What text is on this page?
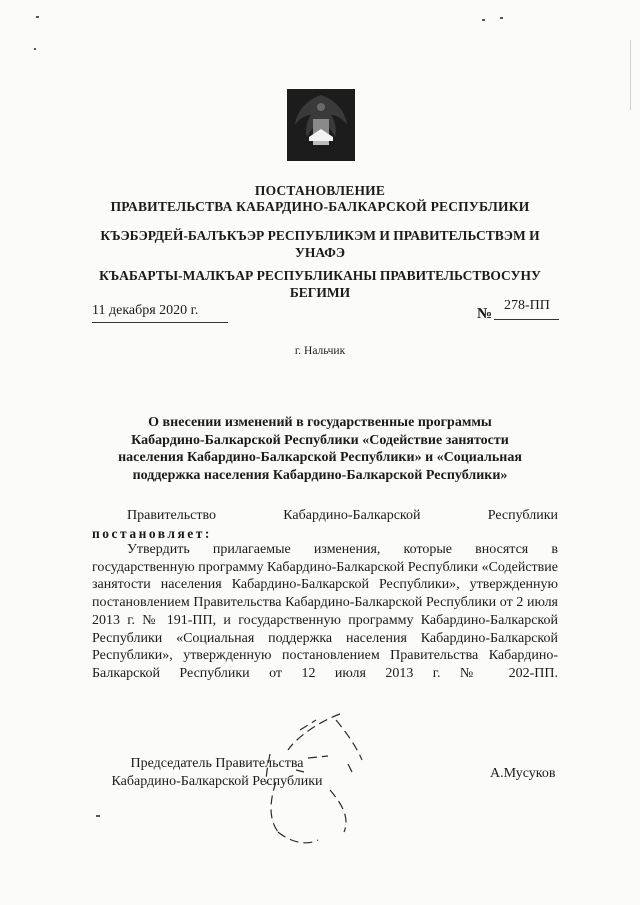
ПОСТАНОВЛЕНИЕ
ПРАВИТЕЛЬСТВА КАБАРДИНО-БАЛКАРСКОЙ РЕСПУБЛИКИ
КЪЭБЭРДЕЙ-БАЛЪКЪЭР РЕСПУБЛИКЭМ И ПРАВИТЕЛЬСТВЭМ И
УНАФЭ
КЪАБАРТЫ-МАЛКЪАР РЕСПУБЛИКАНЫ ПРАВИТЕЛЬСТВОСУНУ
БЕГИМИ
11 декабря 2020 г.	№
278-ПП
г. Нальчик
О внесении изменений в государственные программы
Кабардино-Балкарской Республики «Содействие занятости
населения Кабардино-Балкарской Республики» и «Социальная
поддержка населения Кабардино-Балкарской Республики»
Правительство	Кабардино-Балкарской	Республики
постановляет:
Утвердить прилагаемые изменения, которые вносятся в государственную программу Кабардино-Балкарской Республики «Содействие занятости населения Кабардино-Балкарской Республики», утвержденную постановлением Правительства Кабардино-Балкарской Республики от 2 июля 2013 г. № 191-ПП, и государственную программу Кабардино-Балкарской Республики «Социальная поддержка населения Кабардино-Балкарской Республики», утвержденную постановлением Правительства Кабардино-Балкарской Республики от 12 июля 2013 г. № 202-ПП.
Председатель Правительства
Кабардино-Балкарской Республики
А.Мусуков
